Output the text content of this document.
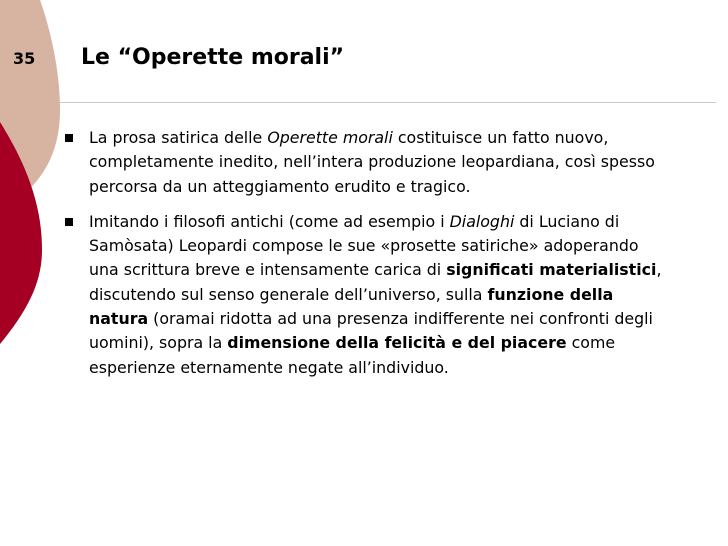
35 Le “Operette morali”
La prosa satirica delle Operette morali costituisce un fatto nuovo, completamente inedito, nell’intera produzione leopardiana, così spesso percorsa da un atteggiamento erudito e tragico.
Imitando i filosofi antichi (come ad esempio i Dialoghi di Luciano di Samòsata) Leopardi compose le sue «prosette satiriche» adoperando una scrittura breve e intensamente carica di significati materialistici, discutendo sul senso generale dell’universo, sulla funzione della natura (oramai ridotta ad una presenza indifferente nei confronti degli uomini), sopra la dimensione della felicità e del piacere come esperienze eternamente negate all’individuo.
